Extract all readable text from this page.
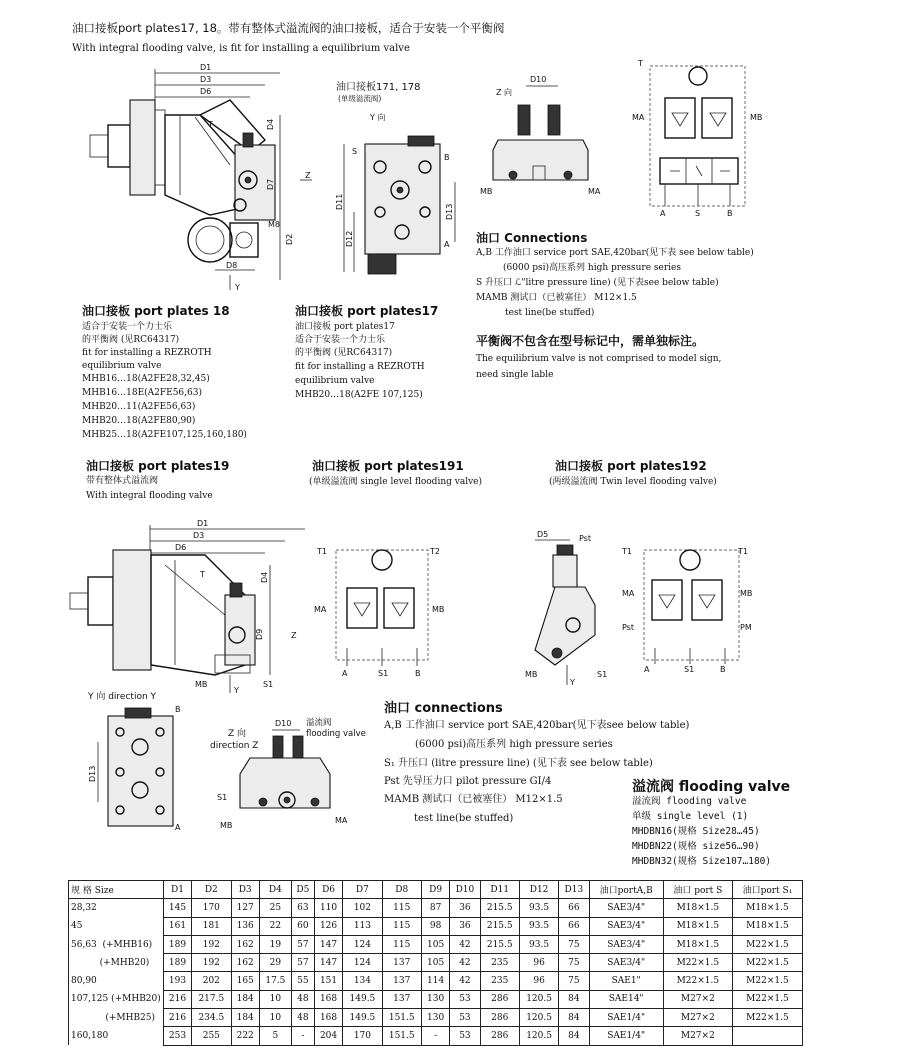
油口接板port plates17, 18。带有整体式溢流阀的油口接板，适合于安装一个平衡阀
With integral flooding valve, is fit for installing a equilibrium valve
D1
D3
D6
T	D4
D7
D2
M8
D8
Y
Z
油口接板171, 178
(单级溢流阀)
Y 向
S
B
D11
D12
D13
A
Z 向
D10
MB	MA
T
MA	MB
A	S	B
油口 Connections
A,B 工作油口 service port SAE,420bar(见下表 see below table)
(6000 psi)高压系列 high pressure series
S 升压口 ℒ"litre pressure line) (见下表see below table)
MAMB 测试口（已被塞住） M12×1.5
test line(be stuffed)
平衡阀不包含在型号标记中，需单独标注。
The equilibrium valve is not comprised to model sign,
need single lable
油口接板 port plates 18
适合于安装一个力士乐
的平衡阀 (见RC64317)
fit for installing a REZROTH
equilibrium valve
MHB16…18(A2FE28,32,45)
MHB16…18E(A2FE56,63)
MHB20…11(A2FE56,63)
MHB20…18(A2FE80,90)
MHB25…18(A2FE107,125,160,180)
油口接板 port plates17
油口接板 port plates17
适合于安装一个力士乐
的平衡阀 (见RC64317)
fit for installing a REZROTH
equilibrium valve
MHB20…18(A2FE 107,125)
油口接板 port plates19
带有整体式溢流阀
With integral flooding valve
油口接板 port plates191
(单级溢流阀 single level flooding valve)
油口接板 port plates192
(两级溢流阀 Twin level flooding valve)
D1
D3
D6
T	D4
D9	Z
MB
Y
S1
T1	T2
MA	MB
A	S1	B
D5	Pst
MB
Y
S1
T1	T1
MA	MB
Pst	PM
A	S1	B
Y 向 direction Y
B
D13
A
Z 向
direction Z
溢流阀
flooding valve
D10
S1
MB
MA
油口 connections
A,B 工作油口 service port SAE,420bar(见下表see below table)
(6000 psi)高压系列 high pressure series
S₁ 升压口 (litre pressure line) (见下表 see below table)
Pst 先导压力口 pilot pressure GI/4
MAMB 测试口（已被塞住） M12×1.5
test line(be stuffed)
溢流阀 flooding valve
溢流阀 flooding valve
单级 single level (1)
MHDBN16(规格 Size28…45)
MHDBN22(规格 size56…90)
MHDBN32(规格 Size107…180)
规 格 Size	D1	D2	D3	D4	D5	D6	D7	D8	D9	D10	D11	D12	D13	油口portA,B	油口 port S	油口port S₁
28,32	145	170	127	25	63	110	102	115	87	36	215.5	93.5	66	SAE3/4"	M18×1.5	M18×1.5
45	161	181	136	22	60	126	113	115	98	36	215.5	93.5	66	SAE3/4"	M18×1.5	M18×1.5
56,63  (+MHB16)	189	192	162	19	57	147	124	115	105	42	215.5	93.5	75	SAE3/4"	M18×1.5	M22×1.5
(+MHB20)	189	192	162	29	57	147	124	137	105	42	235	96	75	SAE3/4"	M22×1.5	M22×1.5
80,90	193	202	165	17.5	55	151	134	137	114	42	235	96	75	SAE1"	M22×1.5	M22×1.5
107,125 (+MHB20)	216	217.5	184	10	48	168	149.5	137	130	53	286	120.5	84	SAE14"	M27×2	M22×1.5
(+MHB25)	216	234.5	184	10	48	168	149.5	151.5	130	53	286	120.5	84	SAE1/4"	M27×2	M22×1.5
160,180	253	255	222	5	-	204	170	151.5	-	53	286	120.5	84	SAE1/4"	M27×2	
